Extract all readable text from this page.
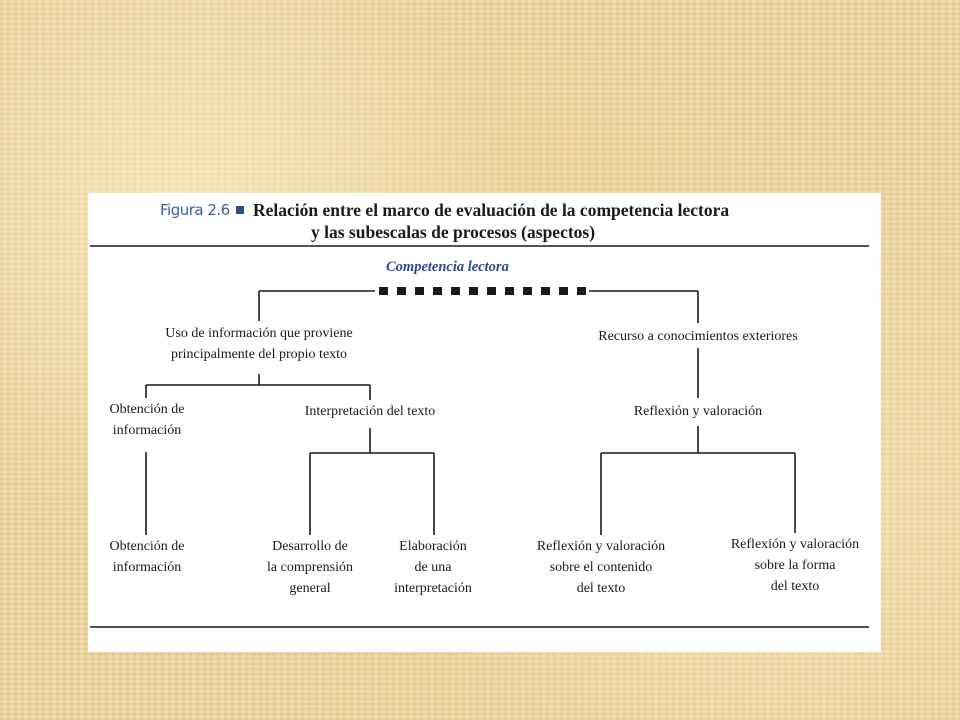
Figura 2.6 Relación entre el marco de evaluación de la competencia lectora
y las subescalas de procesos (aspectos)
Competencia lectora
Uso de información que proviene
principalmente del propio texto
Recurso a conocimientos exteriores
Obtención de
información
Interpretación del texto	Reflexión y valoración
Obtención de
información
Desarrollo de
la comprensión
general
Elaboración
de una
interpretación
Reflexión y valoración
sobre el contenido
del texto
Reflexión y valoración
sobre la forma
del texto
